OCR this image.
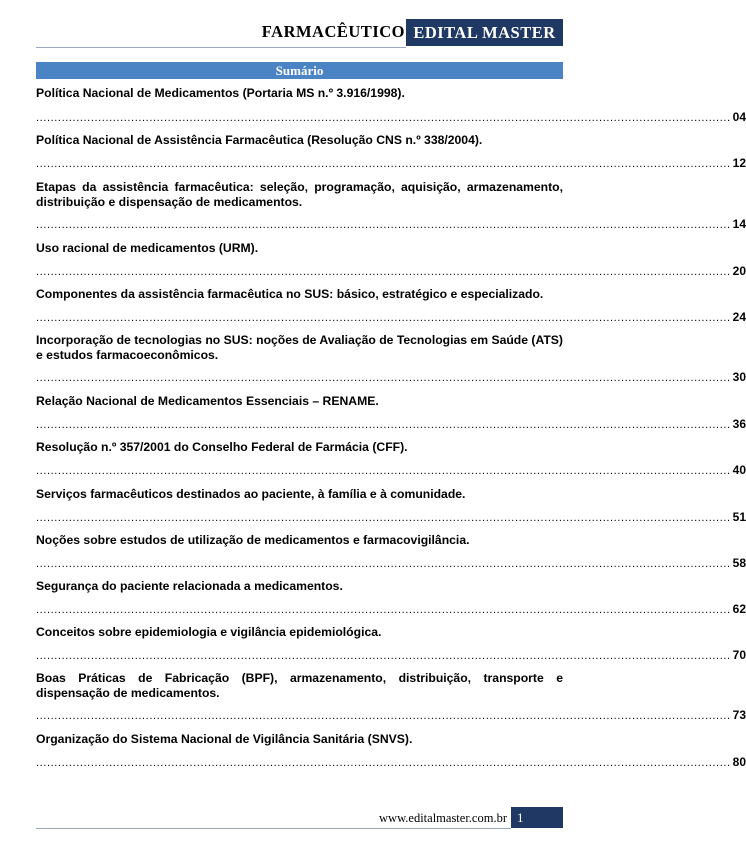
FARMACÊUTICO EDITAL MASTER
Sumário
Política Nacional de Medicamentos (Portaria MS n.º 3.916/1998).
.............................................................................................................................................................................................. 04
Política Nacional de Assistência Farmacêutica (Resolução CNS n.º 338/2004).
.............................................................................................................................................................................................. 12
Etapas da assistência farmacêutica: seleção, programação, aquisição, armazenamento, distribuição e dispensação de medicamentos.
.............................................................................................................................................................................................. 14
Uso racional de medicamentos (URM).
.............................................................................................................................................................................................. 20
Componentes da assistência farmacêutica no SUS: básico, estratégico e especializado.
.............................................................................................................................................................................................. 24
Incorporação de tecnologias no SUS: noções de Avaliação de Tecnologias em Saúde (ATS) e estudos farmacoeconômicos.
.............................................................................................................................................................................................. 30
Relação Nacional de Medicamentos Essenciais – RENAME.
.............................................................................................................................................................................................. 36
Resolução n.º 357/2001 do Conselho Federal de Farmácia (CFF).
.............................................................................................................................................................................................. 40
Serviços farmacêuticos destinados ao paciente, à família e à comunidade.
.............................................................................................................................................................................................. 51
Noções sobre estudos de utilização de medicamentos e farmacovigilância.
.............................................................................................................................................................................................. 58
Segurança do paciente relacionada a medicamentos.
.............................................................................................................................................................................................. 62
Conceitos sobre epidemiologia e vigilância epidemiológica.
.............................................................................................................................................................................................. 70
Boas Práticas de Fabricação (BPF), armazenamento, distribuição, transporte e dispensação de medicamentos.
.............................................................................................................................................................................................. 73
Organização do Sistema Nacional de Vigilância Sanitária (SNVS).
.............................................................................................................................................................................................. 80
www.editalmaster.com.br 1
